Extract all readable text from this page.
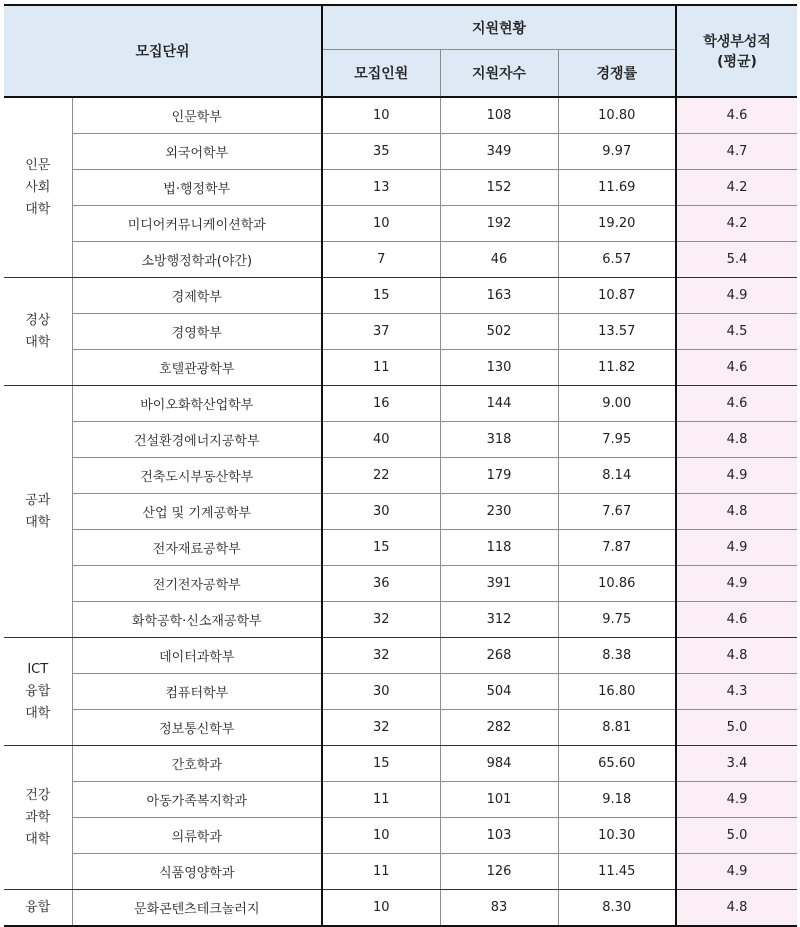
모집단위		지원현황			학생부성적
(평균)

		모집인원	지원자수	경쟁률	

인문
사회
대학	인문학부	10	108	10.80	4.6
	외국어학부	35	349	9.97	4.7
	법·행정학부	13	152	11.69	4.2
	미디어커뮤니케이션학과	10	192	19.20	4.2
	소방행정학과(야간)	7	46	6.57	5.4

경상
대학	경제학부	15	163	10.87	4.9
	경영학부	37	502	13.57	4.5
	호텔관광학부	11	130	11.82	4.6

공과
대학	바이오화학산업학부	16	144	9.00	4.6
	건설환경에너지공학부	40	318	7.95	4.8
	건축도시부동산학부	22	179	8.14	4.9
	산업 및 기계공학부	30	230	7.67	4.8
	전자재료공학부	15	118	7.87	4.9
	전기전자공학부	36	391	10.86	4.9
	화학공학·신소재공학부	32	312	9.75	4.6

ICT
융합
대학	데이터과학부	32	268	8.38	4.8
	컴퓨터학부	30	504	16.80	4.3
	정보통신학부	32	282	8.81	5.0

건강
과학
대학	간호학과	15	984	65.60	3.4
	아동가족복지학과	11	101	9.18	4.9
	의류학과	10	103	10.30	5.0
	식품영양학과	11	126	11.45	4.9

융합	문화콘텐츠테크놀러지	10	83	8.30	4.8
